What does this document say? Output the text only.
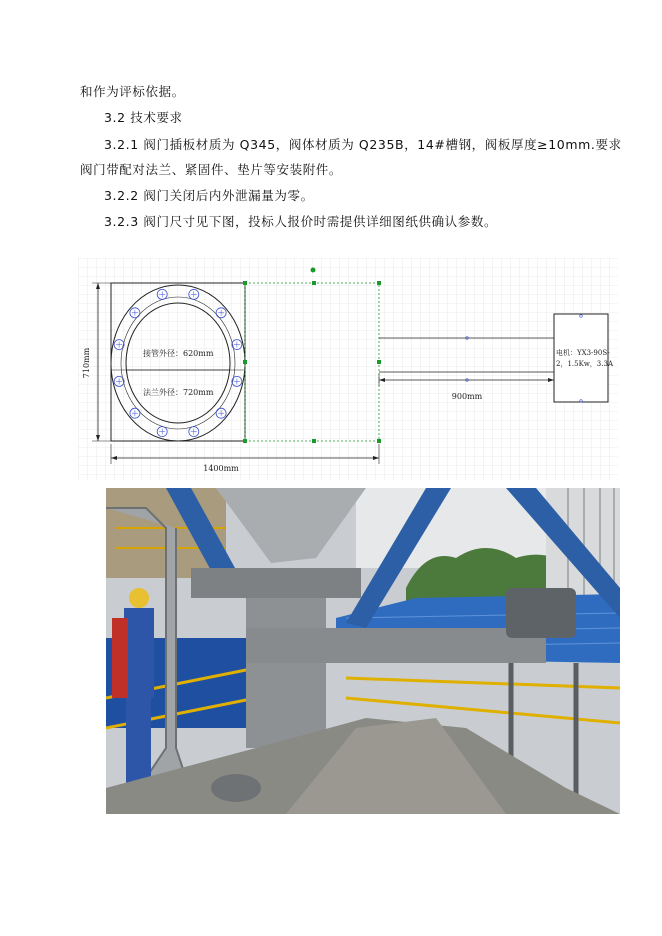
和作为评标依据。
3.2 技术要求
3.2.1 阀门插板材质为 Q345，阀体材质为 Q235B，14#槽钢，阀板厚度≥10mm.要求
阀门带配对法兰、紧固件、垫片等安装附件。
3.2.2 阀门关闭后内外泄漏量为零。
3.2.3 阀门尺寸见下图，投标人报价时需提供详细图纸供确认参数。
接管外径：620mm
法兰外径：720mm
电机：YX3-90S-
2，1.5Kw，3.3A
900mm
710mm
1400mm
